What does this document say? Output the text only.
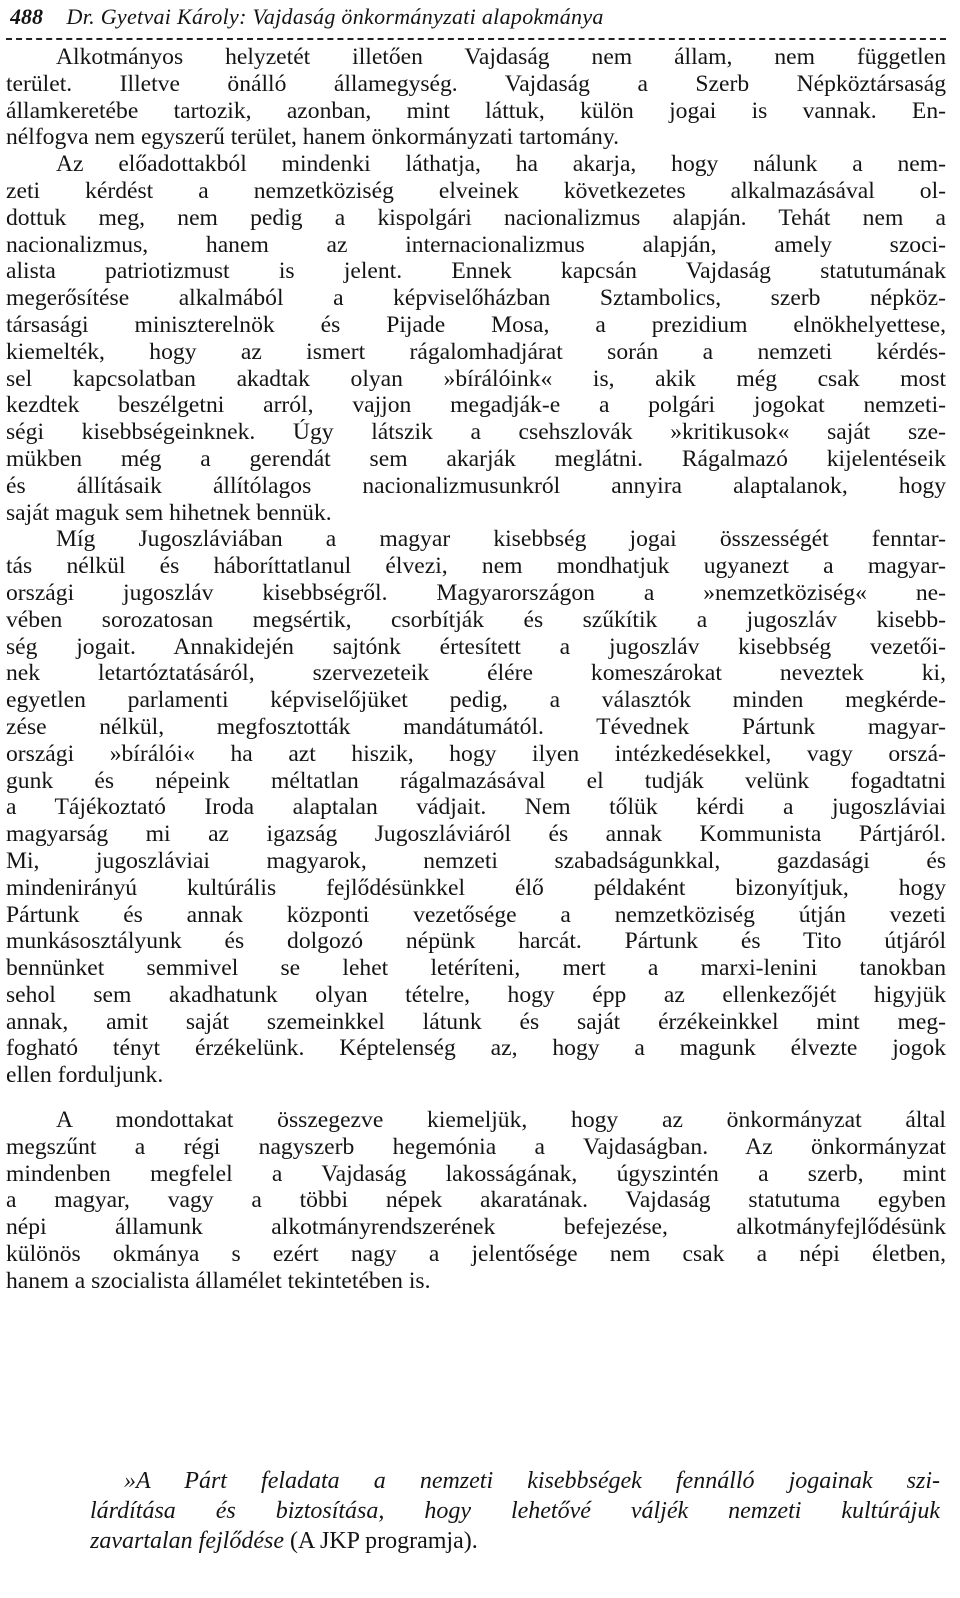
488 Dr. Gyetvai Károly: Vajdaság önkormányzati alapokmánya
Alkotmányos helyzetét illetően Vajdaság nem állam, nem független
terület. Illetve önálló államegység. Vajdaság a Szerb Népköztársaság
államkeretébe tartozik, azonban, mint láttuk, külön jogai is vannak. En-
nélfogva nem egyszerű terület, hanem önkormányzati tartomány.
Az előadottakból mindenki láthatja, ha akarja, hogy nálunk a nem-
zeti kérdést a nemzetköziség elveinek következetes alkalmazásával ol-
dottuk meg, nem pedig a kispolgári nacionalizmus alapján. Tehát nem a
nacionalizmus, hanem az internacionalizmus alapján, amely szoci-
alista patriotizmust is jelent. Ennek kapcsán Vajdaság statutumának
megerősítése alkalmából a képviselőházban Sztambolics, szerb népköz-
társasági miniszterelnök és Pijade Mosa, a prezidium elnökhelyettese,
kiemelték, hogy az ismert rágalomhadjárat során a nemzeti kérdés-
sel kapcsolatban akadtak olyan »bírálóink« is, akik még csak most
kezdtek beszélgetni arról, vajjon megadják-e a polgári jogokat nemzeti-
ségi kisebbségeinknek. Úgy látszik a csehszlovák »kritikusok« saját sze-
mükben még a gerendát sem akarják meglátni. Rágalmazó kijelentéseik
és állításaik állítólagos nacionalizmusunkról annyira alaptalanok, hogy
saját maguk sem hihetnek bennük.
Míg Jugoszláviában a magyar kisebbség jogai összességét fenntar-
tás nélkül és háboríttatlanul élvezi, nem mondhatjuk ugyanezt a magyar-
országi jugoszláv kisebbségről. Magyarországon a »nemzetköziség« ne-
vében sorozatosan megsértik, csorbítják és szűkítik a jugoszláv kisebb-
ség jogait. Annakidején sajtónk értesített a jugoszláv kisebbség vezetői-
nek letartóztatásáról, szervezeteik élére komeszárokat neveztek ki,
egyetlen parlamenti képviselőjüket pedig, a választók minden megkérde-
zése nélkül, megfosztották mandátumától. Tévednek Pártunk magyar-
országi »bírálói« ha azt hiszik, hogy ilyen intézkedésekkel, vagy orszá-
gunk és népeink méltatlan rágalmazásával el tudják velünk fogadtatni
a Tájékoztató Iroda alaptalan vádjait. Nem tőlük kérdi a jugoszláviai
magyarság mi az igazság Jugoszláviáról és annak Kommunista Pártjáról.
Mi, jugoszláviai magyarok, nemzeti szabadságunkkal, gazdasági és
mindenirányú kultúrális fejlődésünkkel élő példaként bizonyítjuk, hogy
Pártunk és annak központi vezetősége a nemzetköziség útján vezeti
munkásosztályunk és dolgozó népünk harcát. Pártunk és Tito útjáról
bennünket semmivel se lehet letéríteni, mert a marxi-lenini tanokban
sehol sem akadhatunk olyan tételre, hogy épp az ellenkezőjét higyjük
annak, amit saját szemeinkkel látunk és saját érzékeinkkel mint meg-
fogható tényt érzékelünk. Képtelenség az, hogy a magunk élvezte jogok
ellen forduljunk.
A mondottakat összegezve kiemeljük, hogy az önkormányzat által
megszűnt a régi nagyszerb hegemónia a Vajdaságban. Az önkormányzat
mindenben megfelel a Vajdaság lakosságának, úgyszintén a szerb, mint
a magyar, vagy a többi népek akaratának. Vajdaság statutuma egyben
népi államunk alkotmányrendszerének befejezése, alkotmányfejlődésünk
különös okmánya s ezért nagy a jelentősége nem csak a népi életben,
hanem a szocialista államélet tekintetében is.
»A Párt feladata a nemzeti kisebbségek fennálló jogainak szi-
lárdítása és biztosítása, hogy lehetővé váljék nemzeti kultúrájuk
zavartalan fejlődése (A JKP programja).
